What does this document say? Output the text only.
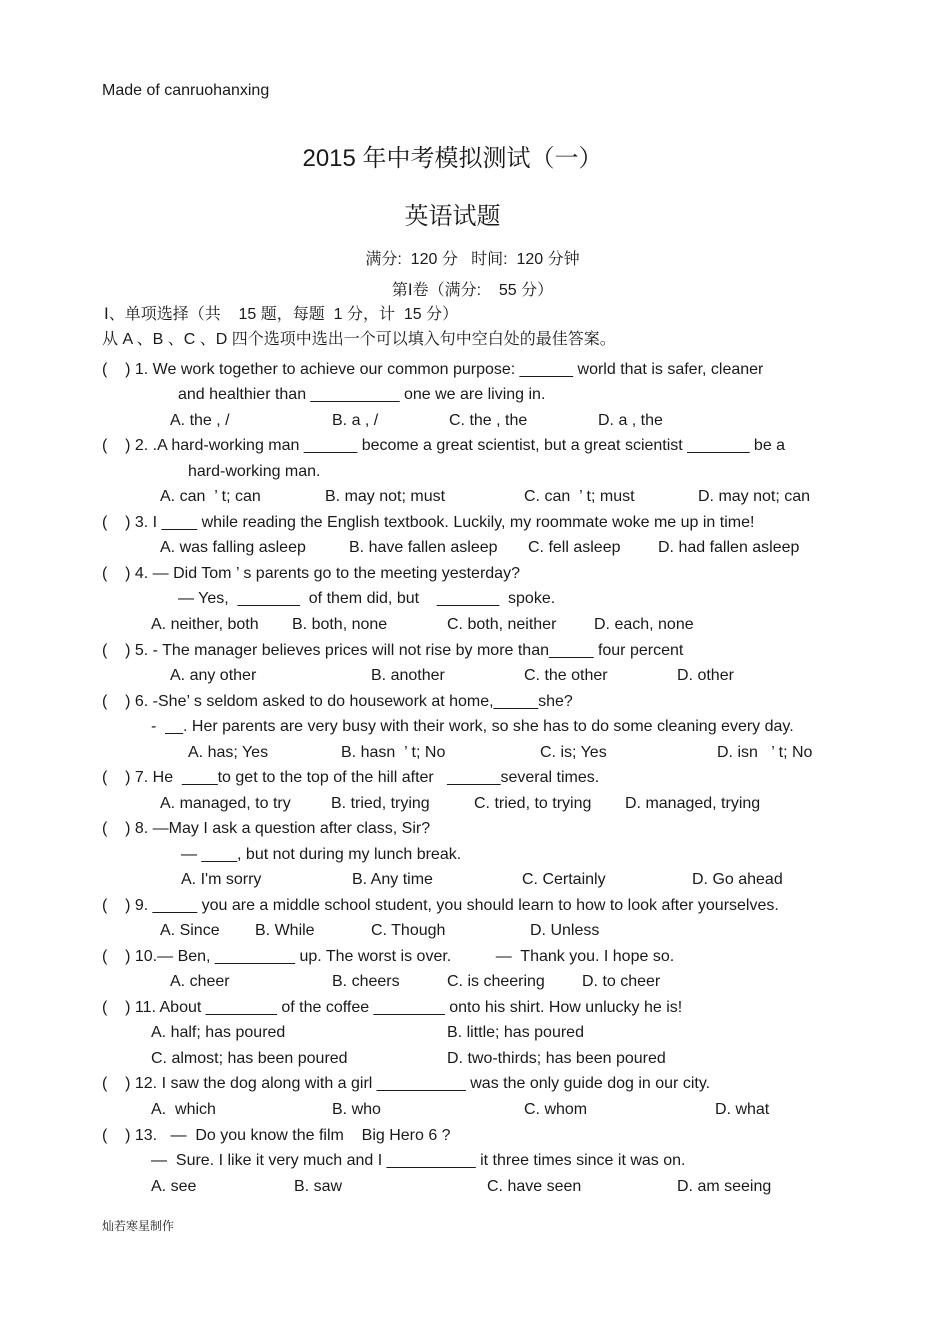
Made of canruohanxing
2015 年中考模拟测试（一）
英语试题
满分:  120 分   时间:  120 分钟
第Ⅰ卷（满分:    55 分）
Ⅰ、单项选择（共    15 题，每题  1 分，计  15 分）
从 A 、B 、C 、D 四个选项中选出一个可以填入句中空白处的最佳答案。
(    ) 1. We work together to achieve our common purpose: ______ world that is safer, cleaner
and healthier than __________ one we are living in.
A. the , /	B. a , /	C. the , the	D. a , the
(    ) 2. .A hard-working man ______ become a great scientist, but a great scientist _______ be a
hard-working man.
A. can  ’ t; can	B. may not; must	C. can  ’ t; must	D. may not; can
(    ) 3. I ____ while reading the English textbook. Luckily, my roommate woke me up in time!
A. was falling asleep	B. have fallen asleep C. fell asleep D. had fallen asleep
(    ) 4. — Did Tom ’ s parents go to the meeting yesterday?
— Yes,  _______  of them did, but    _______  spoke.
A. neither, both B. both, none	C. both, neither D. each, none
(    ) 5. - The manager believes prices will not rise by more than_____ four percent
A. any other	B. another	C. the other	D. other
(    ) 6. -She’ s seldom asked to do housework at home,_____she?
-  __. Her parents are very busy with their work, so she has to do some cleaning every day.
A. has; Yes	B. hasn  ’ t; No	C. is; Yes	D. isn   ’ t; No
(    ) 7. He  ____to get to the top of the hill after   ______several times.
A. managed, to try	B. tried, trying	C. tried, to trying D. managed, trying
(    ) 8. —May I ask a question after class, Sir?
— ____, but not during my lunch break.
A. I'm sorry	B. Any time	C. Certainly	D. Go ahead
(    ) 9. _____ you are a middle school student, you should learn to how to look after yourselves.
A. Since B. While	C. Though	D. Unless
(    ) 10.— Ben, _________ up. The worst is over.          —  Thank you. I hope so.
A. cheer	B. cheers	C. is cheering D. to cheer
(    ) 11. About ________ of the coffee ________ onto his shirt. How unlucky he is!
A. half; has poured	B. little; has poured
C. almost; has been poured	D. two-thirds; has been poured
(    ) 12. I saw the dog along with a girl __________ was the only guide dog in our city.
A.  which	B. who	C. whom	D. what
(    ) 13.   —  Do you know the film    Big Hero 6 ?
—  Sure. I like it very much and I __________ it three times since it was on.
A. see	B. saw	C. have seen	D. am seeing
灿若寒星制作
